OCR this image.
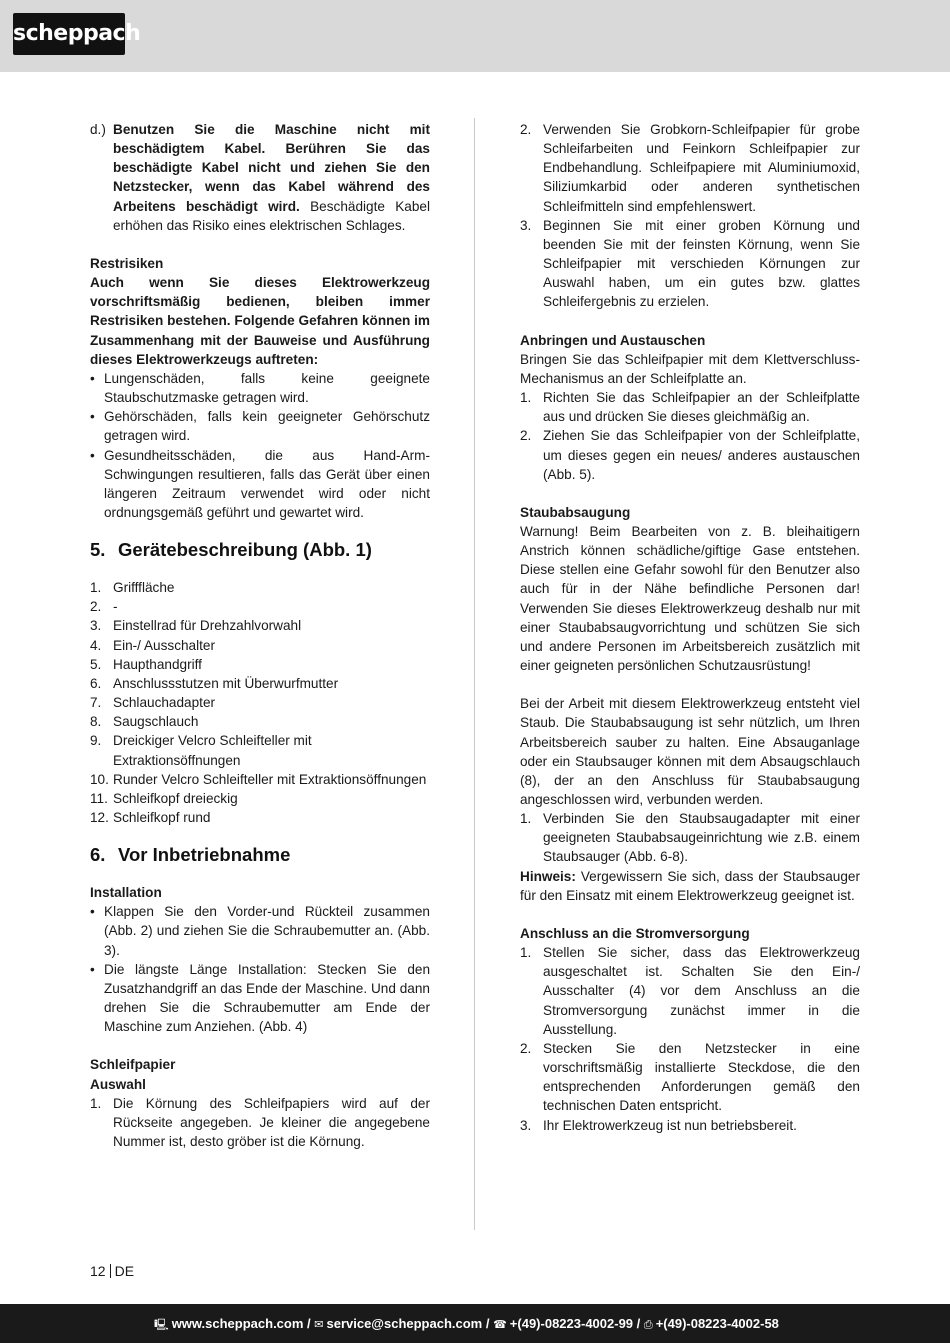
scheppach
d.) Benutzen Sie die Maschine nicht mit beschädigtem Kabel. Berühren Sie das beschädigte Kabel nicht und ziehen Sie den Netzstecker, wenn das Kabel während des Arbeitens beschädigt wird. Beschädigte Kabel erhöhen das Risiko eines elektrischen Schlages.
Restrisiken
Auch wenn Sie dieses Elektrowerkzeug vorschriftsmäßig bedienen, bleiben immer Restrisiken bestehen. Folgende Gefahren können im Zusammenhang mit der Bauweise und Ausführung dieses Elektrowerkzeugs auftreten:
• Lungenschäden, falls keine geeignete Staubschutzmaske getragen wird.
• Gehörschäden, falls kein geeigneter Gehörschutz getragen wird.
• Gesundheitsschäden, die aus Hand-Arm- Schwingungen resultieren, falls das Gerät über einen längeren Zeitraum verwendet wird oder nicht ordnungsgemäß geführt und gewartet wird.
5. Gerätebeschreibung (Abb. 1)
1. Grifffläche
2. -
3. Einstellrad für Drehzahlvorwahl
4. Ein-/ Ausschalter
5. Haupthandgriff
6. Anschlussstutzen mit Überwurfmutter
7. Schlauchadapter
8. Saugschlauch
9. Dreickiger Velcro Schleifteller mit Extraktionsöffnungen
10. Runder Velcro Schleifteller mit Extraktionsöffnungen
11. Schleifkopf dreieckig
12. Schleifkopf rund
6. Vor Inbetriebnahme
Installation
• Klappen Sie den Vorder-und Rückteil zusammen (Abb. 2) und ziehen Sie die Schraubemutter an. (Abb. 3).
• Die längste Länge Installation: Stecken Sie den Zusatzhandgriff an das Ende der Maschine. Und dann drehen Sie die Schraubemutter am Ende der Maschine zum Anziehen. (Abb. 4)
Schleifpapier
Auswahl
1. Die Körnung des Schleifpapiers wird auf der Rückseite angegeben. Je kleiner die angegebene Nummer ist, desto gröber ist die Körnung.
2. Verwenden Sie Grobkorn-Schleifpapier für grobe Schleifarbeiten und Feinkorn Schleifpapier zur Endbehandlung. Schleifpapiere mit Aluminiumoxid, Siliziumkarbid oder anderen synthetischen Schleifmitteln sind empfehlenswert.
3. Beginnen Sie mit einer groben Körnung und beenden Sie mit der feinsten Körnung, wenn Sie Schleifpapier mit verschieden Körnungen zur Auswahl haben, um ein gutes bzw. glattes Schleifergebnis zu erzielen.
Anbringen und Austauschen
Bringen Sie das Schleifpapier mit dem Klettverschluss-Mechanismus an der Schleifplatte an.
1. Richten Sie das Schleifpapier an der Schleifplatte aus und drücken Sie dieses gleichmäßig an.
2. Ziehen Sie das Schleifpapier von der Schleifplatte, um dieses gegen ein neues/ anderes austauschen (Abb. 5).
Staubabsaugung
Warnung! Beim Bearbeiten von z. B. bleihaitigern Anstrich können schädliche/giftige Gase entstehen. Diese stellen eine Gefahr sowohl für den Benutzer also auch für in der Nähe befindliche Personen dar! Verwenden Sie dieses Elektrowerkzeug deshalb nur mit einer Staubabsaugvorrichtung und schützen Sie sich und andere Personen im Arbeitsbereich zusätzlich mit einer geigneten persönlichen Schutzausrüstung!
Bei der Arbeit mit diesem Elektrowerkzeug entsteht viel Staub. Die Staubabsaugung ist sehr nützlich, um Ihren Arbeitsbereich sauber zu halten. Eine Absauganlage oder ein Staubsauger können mit dem Absaugschlauch (8), der an den Anschluss für Staubabsaugung angeschlossen wird, verbunden werden.
1. Verbinden Sie den Staubsaugadapter mit einer geeigneten Staubabsaugeinrichtung wie z.B. einem Staubsauger (Abb. 6-8).
Hinweis: Vergewissern Sie sich, dass der Staubsauger für den Einsatz mit einem Elektrowerkzeug geeignet ist.
Anschluss an die Stromversorgung
1. Stellen Sie sicher, dass das Elektrowerkzeug ausgeschaltet ist. Schalten Sie den Ein-/ Ausschalter (4) vor dem Anschluss an die Stromversorgung zunächst immer in die Ausstellung.
2. Stecken Sie den Netzstecker in eine vorschriftsmäßig installierte Steckdose, die den entsprechenden Anforderungen gemäß den technischen Daten entspricht.
3. Ihr Elektrowerkzeug ist nun betriebsbereit.
12 DE
🖳 www.scheppach.com / ✉ service@scheppach.com / ☎ +(49)-08223-4002-99 / ⎙ +(49)-08223-4002-58
